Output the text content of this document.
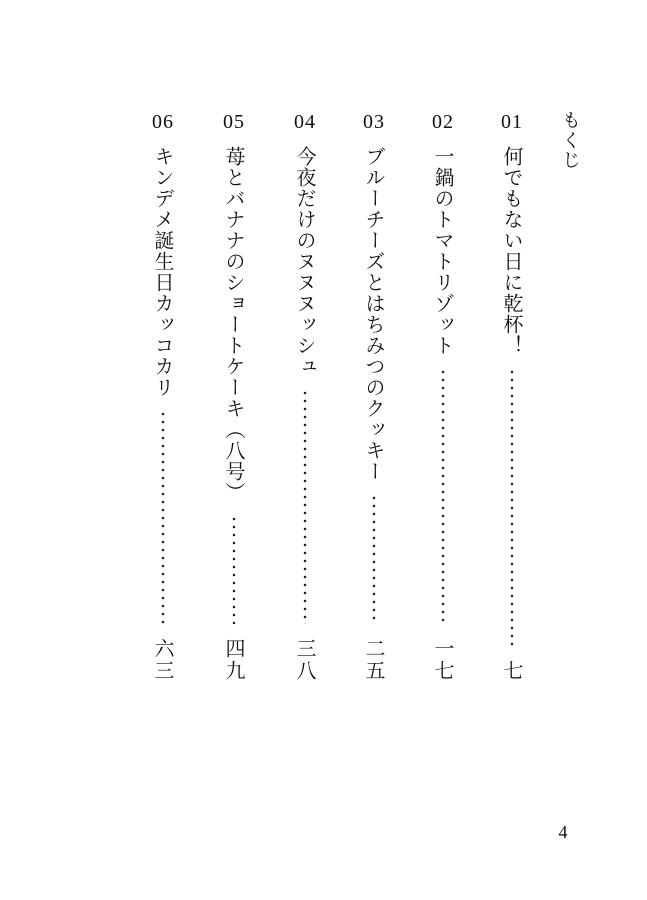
もくじ
01
何でもない日に乾杯！
七
02
一鍋のトマトリゾット
一七
03
ブルーチーズとはちみつのクッキー
二五
04
今夜だけのヌヌヌッシュ
三八
05
苺とバナナのショートケーキ（八号）
四九
06
キンデメ誕生日カッコカリ
六三
4
